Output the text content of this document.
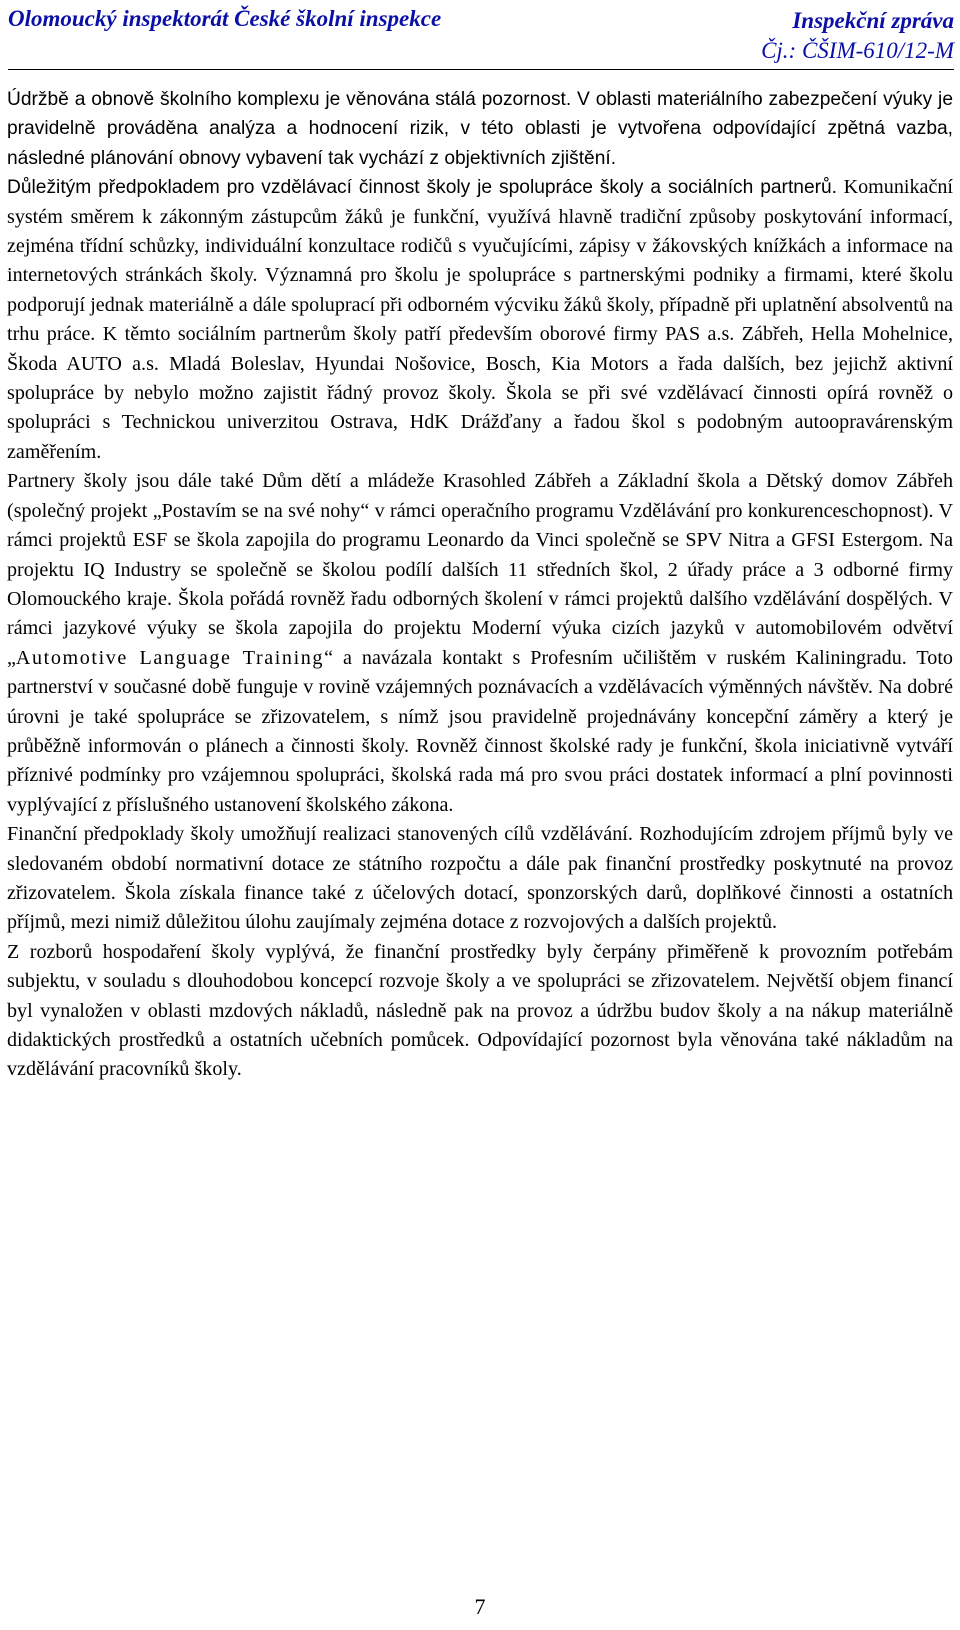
Olomoucký inspektorát České školní inspekce	Inspekční zpráva
Čj.: ČŠIM-610/12-M

Údržbě a obnově školního komplexu je věnována stálá pozornost. V oblasti materiálního zabezpečení výuky je pravidelně prováděna analýza a hodnocení rizik, v této oblasti je vytvořena odpovídající zpětná vazba, následné plánování obnovy vybavení tak vychází z objektivních zjištění.

Důležitým předpokladem pro vzdělávací činnost školy je spolupráce školy a sociálních partnerů. Komunikační systém směrem k zákonným zástupcům žáků je funkční, využívá hlavně tradiční způsoby poskytování informací, zejména třídní schůzky, individuální konzultace rodičů s vyučujícími, zápisy v žákovských knížkách a informace na internetových stránkách školy. Významná pro školu je spolupráce s partnerskými podniky a firmami, které školu podporují jednak materiálně a dále spoluprací při odborném výcviku žáků školy, případně při uplatnění absolventů na trhu práce. K těmto sociálním partnerům školy patří především oborové firmy PAS a.s. Zábřeh, Hella Mohelnice, Škoda AUTO a.s. Mladá Boleslav, Hyundai Nošovice, Bosch, Kia Motors a řada dalších, bez jejichž aktivní spolupráce by nebylo možno zajistit řádný provoz školy. Škola se při své vzdělávací činnosti opírá rovněž o spolupráci s Technickou univerzitou Ostrava, HdK Drážďany a řadou škol s podobným autoopravárenským zaměřením.

Partnery školy jsou dále také Dům dětí a mládeže Krasohled Zábřeh a Základní škola a Dětský domov Zábřeh (společný projekt „Postavím se na své nohy“ v rámci operačního programu Vzdělávání pro konkurenceschopnost). V rámci projektů ESF se škola zapojila do programu Leonardo da Vinci společně se SPV Nitra a GFSI Estergom. Na projektu IQ Industry se společně se školou podílí dalších 11 středních škol, 2 úřady práce a 3 odborné firmy Olomouckého kraje. Škola pořádá rovněž řadu odborných školení v rámci projektů dalšího vzdělávání dospělých. V rámci jazykové výuky se škola zapojila do projektu Moderní výuka cizích jazyků v automobilovém odvětví „Automotive Language Training“ a navázala kontakt s Profesním učilištěm v ruském Kaliningradu. Toto partnerství v současné době funguje v rovině vzájemných poznávacích a vzdělávacích výměnných návštěv. Na dobré úrovni je také spolupráce se zřizovatelem, s nímž jsou pravidelně projednávány koncepční záměry a který je průběžně informován o plánech a činnosti školy. Rovněž činnost školské rady je funkční, škola iniciativně vytváří příznivé podmínky pro vzájemnou spolupráci, školská rada má pro svou práci dostatek informací a plní povinnosti vyplývající z příslušného ustanovení školského zákona.

Finanční předpoklady školy umožňují realizaci stanovených cílů vzdělávání. Rozhodujícím zdrojem příjmů byly ve sledovaném období normativní dotace ze státního rozpočtu a dále pak finanční prostředky poskytnuté na provoz zřizovatelem. Škola získala finance také z účelových dotací, sponzorských darů, doplňkové činnosti a ostatních příjmů, mezi nimiž důležitou úlohu zaujímaly zejména dotace z rozvojových a dalších projektů.

Z rozborů hospodaření školy vyplývá, že finanční prostředky byly čerpány přiměřeně k provozním potřebám subjektu, v souladu s dlouhodobou koncepcí rozvoje školy a ve spolupráci se zřizovatelem. Největší objem financí byl vynaložen v oblasti mzdových nákladů, následně pak na provoz a údržbu budov školy a na nákup materiálně didaktických prostředků a ostatních učebních pomůcek. Odpovídající pozornost byla věnována také nákladům na vzdělávání pracovníků školy.

7
